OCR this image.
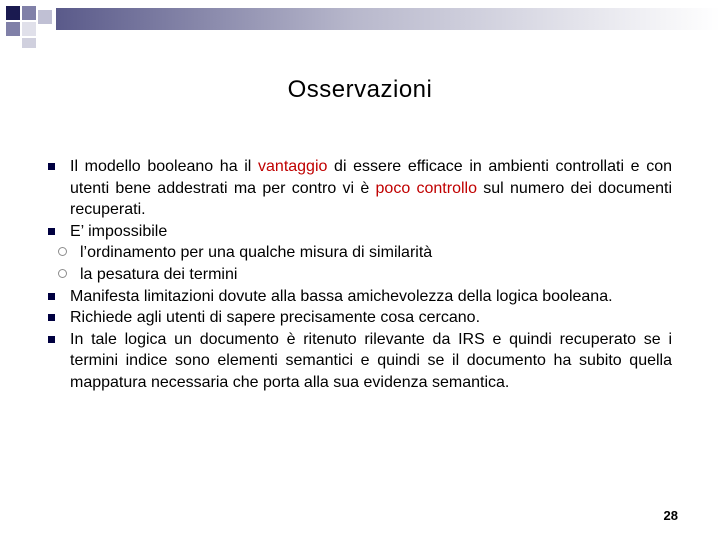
Osservazioni
Il modello booleano ha il vantaggio di essere efficace in ambienti controllati e con utenti bene addestrati ma per contro vi è poco controllo sul numero dei documenti recuperati.
E’ impossibile
l’ordinamento per una qualche misura di similarità
la pesatura dei termini
Manifesta limitazioni dovute alla bassa amichevolezza della logica booleana.
Richiede agli utenti di sapere precisamente cosa cercano.
In tale logica un documento è ritenuto rilevante da IRS e quindi recuperato se i termini indice sono elementi semantici e quindi se il documento ha subito quella mappatura necessaria che porta alla sua evidenza semantica.
28
